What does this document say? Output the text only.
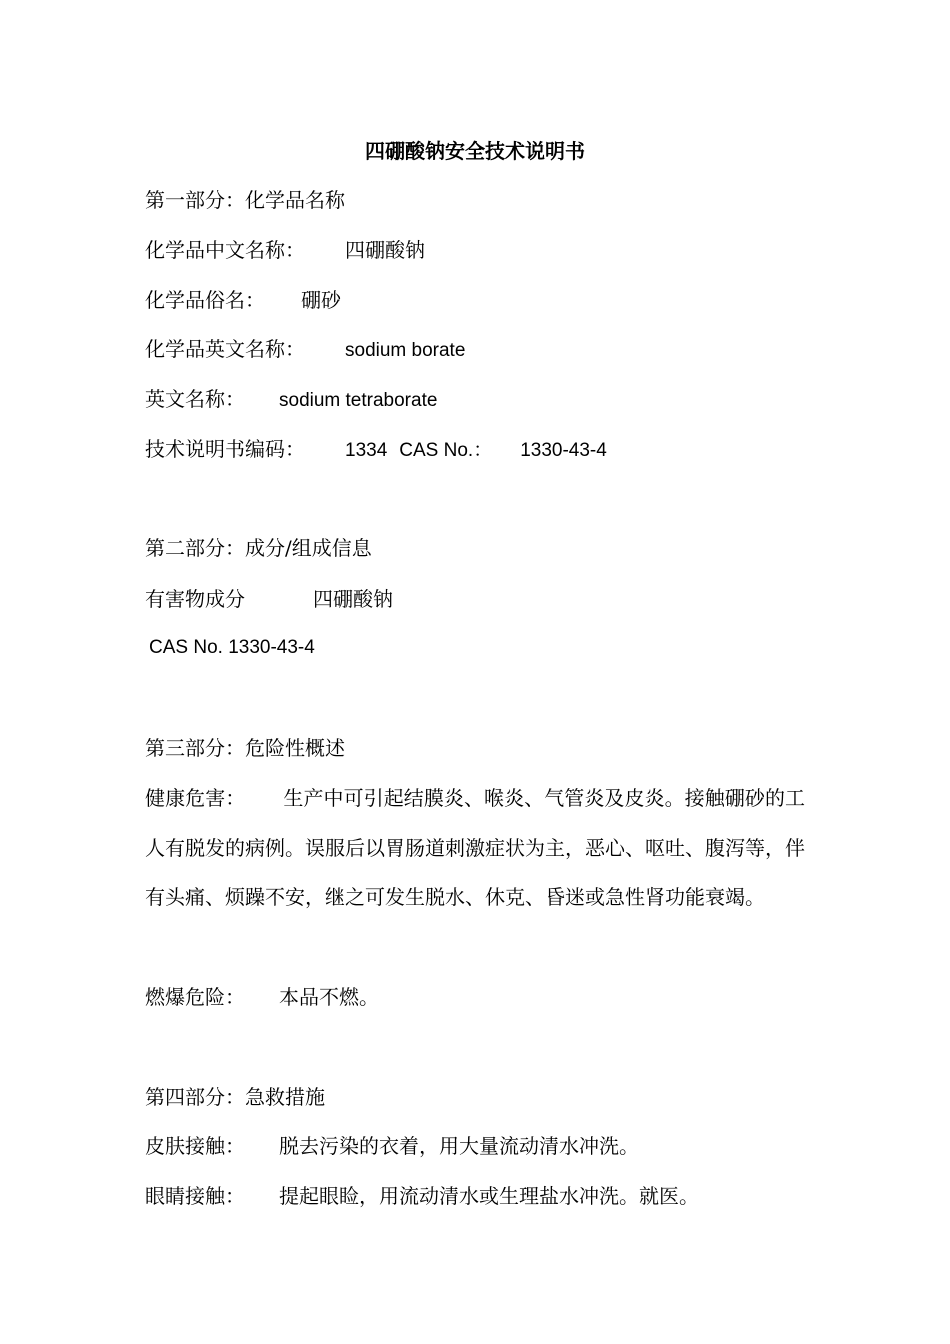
四硼酸钠安全技术说明书
第一部分：化学品名称
化学品中文名称： 四硼酸钠
化学品俗名： 硼砂
化学品英文名称： sodium borate
英文名称： sodium tetraborate
技术说明书编码： 1334 CAS No.： 1330-43-4
第二部分：成分/组成信息
有害物成分	四硼酸钠
CAS No. 1330-43-4
第三部分：危险性概述
健康危害： 生产中可引起结膜炎、喉炎、气管炎及皮炎。接触硼砂的工人有脱发的病例。误服后以胃肠道刺激症状为主，恶心、呕吐、腹泻等，伴有头痛、烦躁不安，继之可发生脱水、休克、昏迷或急性肾功能衰竭。
燃爆危险： 本品不燃。
第四部分：急救措施
皮肤接触： 脱去污染的衣着，用大量流动清水冲洗。
眼睛接触： 提起眼睑，用流动清水或生理盐水冲洗。就医。
